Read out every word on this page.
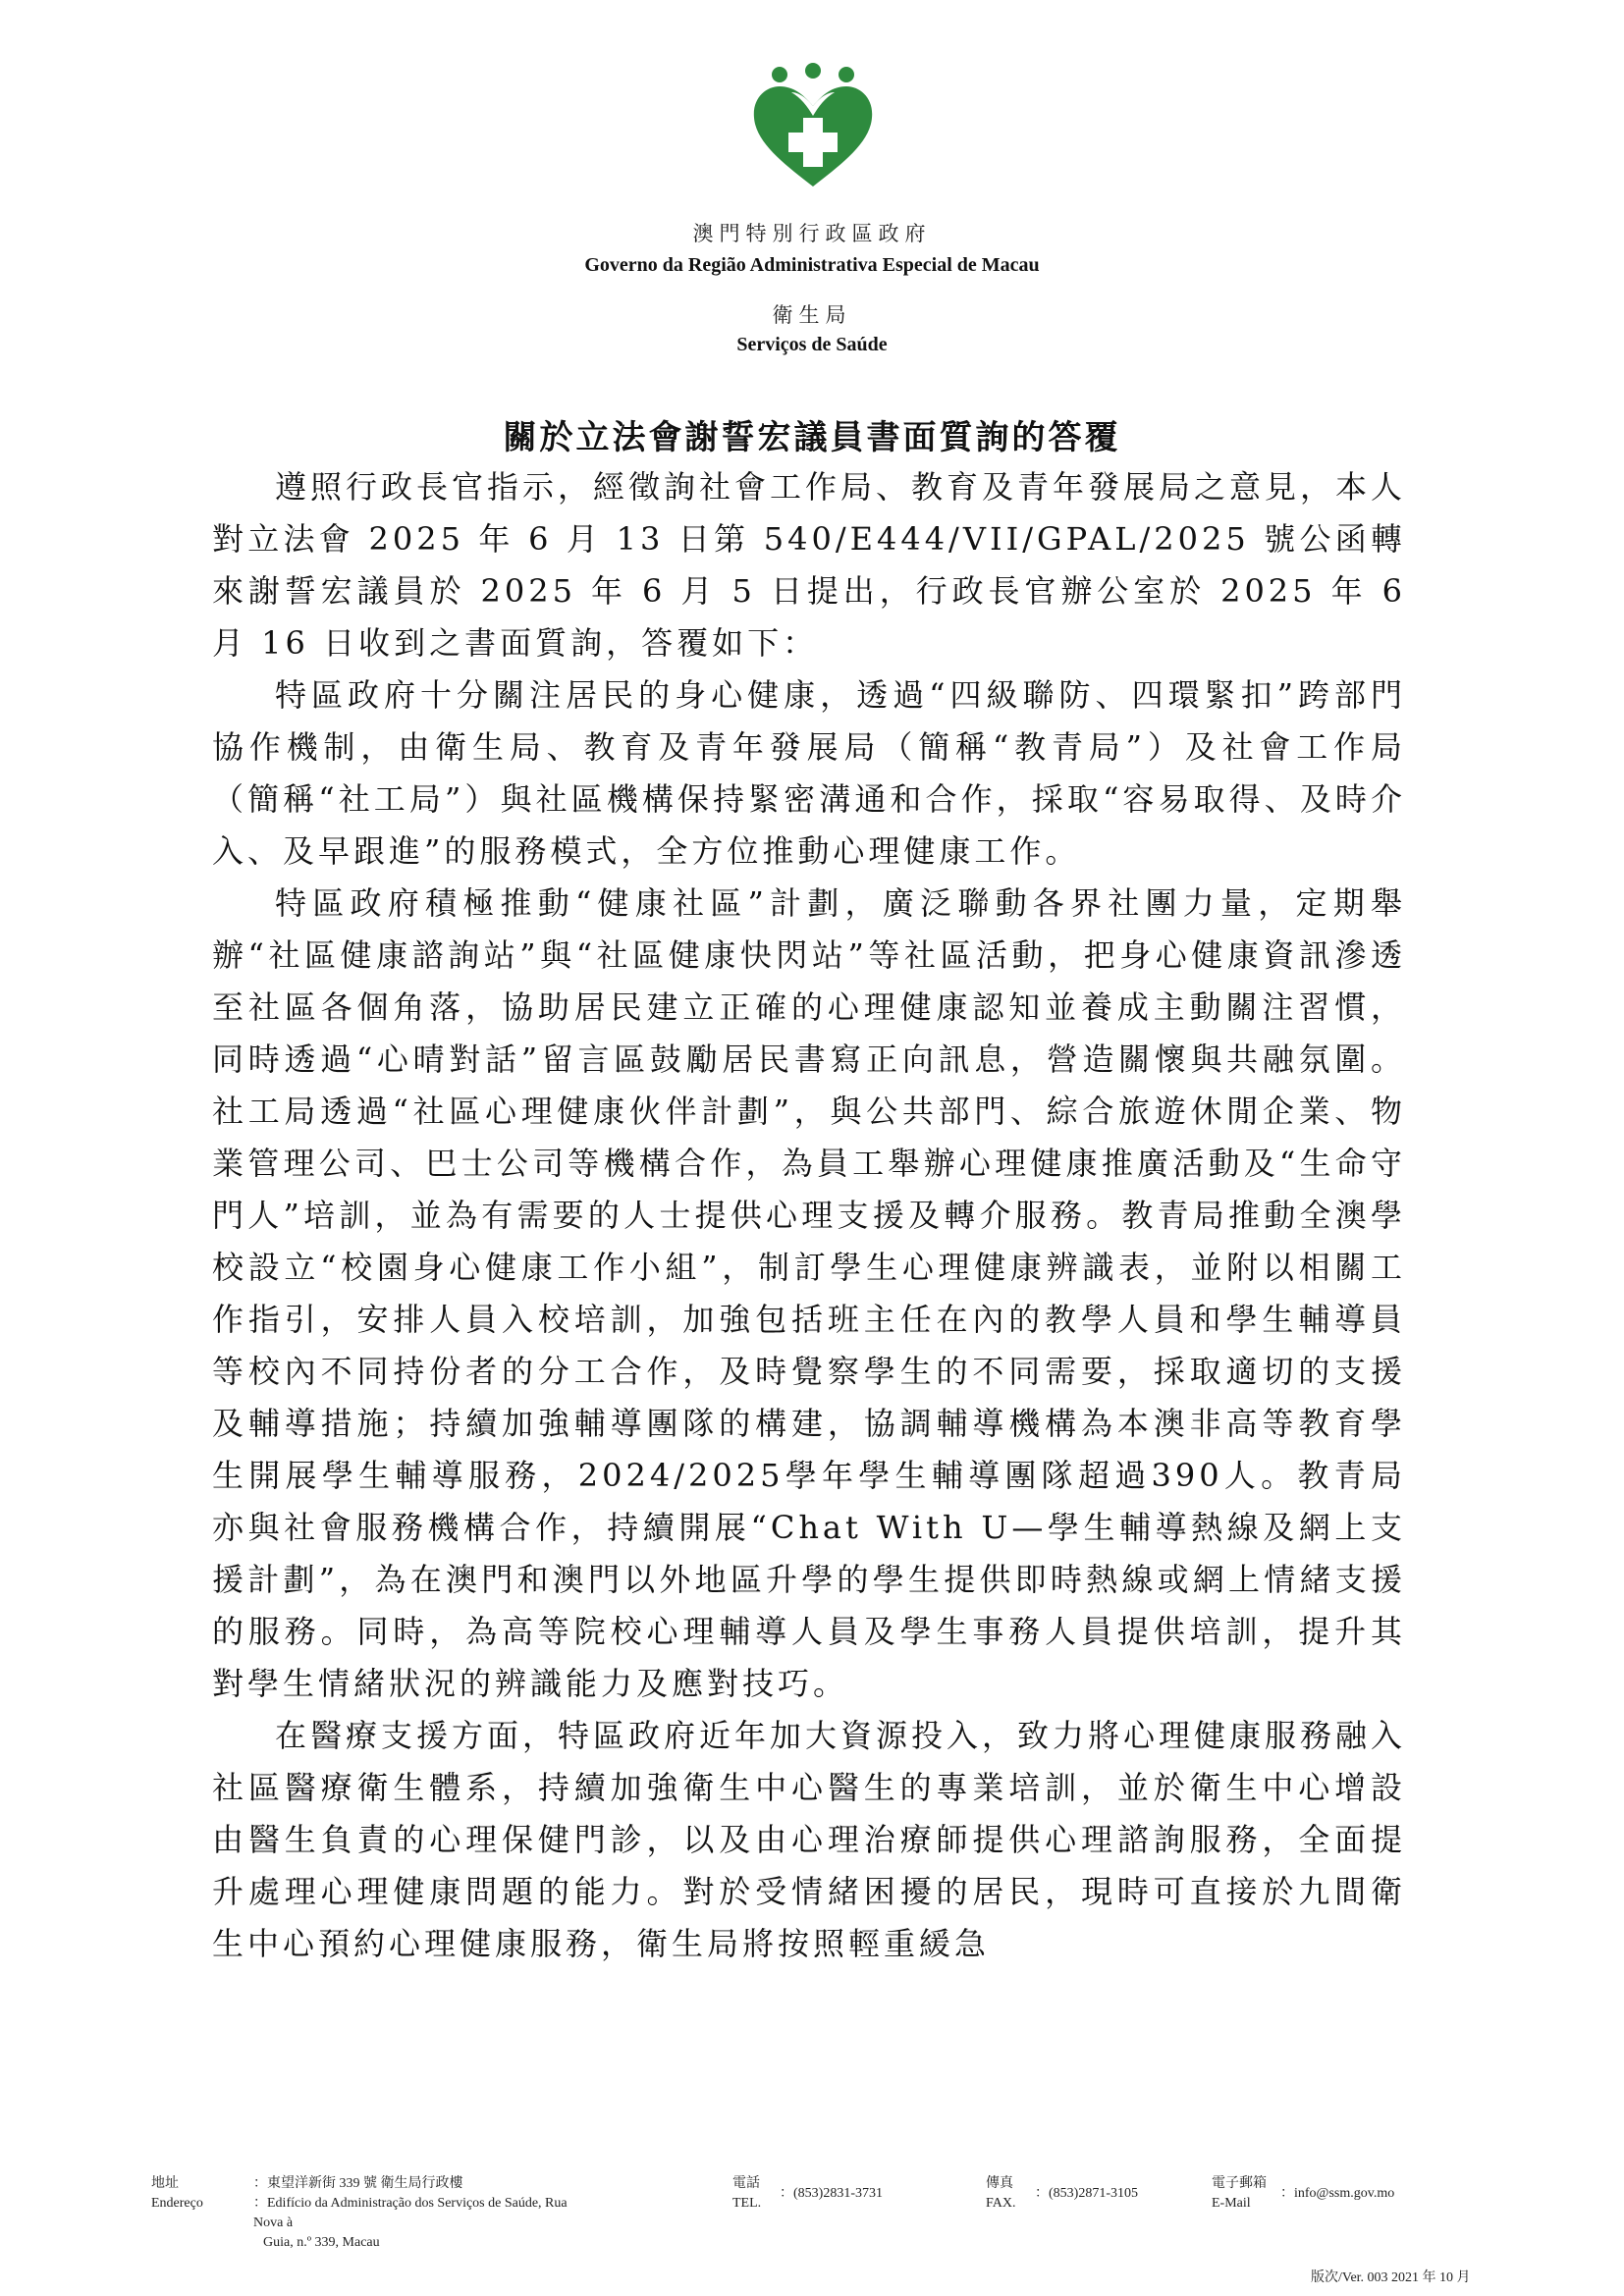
澳門特別行政區政府
Governo da Região Administrativa Especial de Macau
衛生局
Serviços de Saúde
關於立法會謝誓宏議員書面質詢的答覆

遵照行政長官指示，經徵詢社會工作局、教育及青年發展局之意見，本人對立法會 2025 年 6 月 13 日第 540/E444/VII/GPAL/2025 號公函轉來謝誓宏議員於 2025 年 6 月 5 日提出，行政長官辦公室於 2025 年 6 月 16 日收到之書面質詢，答覆如下：

特區政府十分關注居民的身心健康，透過“四級聯防、四環緊扣”跨部門協作機制，由衛生局、教育及青年發展局（簡稱“教青局”）及社會工作局（簡稱“社工局”）與社區機構保持緊密溝通和合作，採取“容易取得、及時介入、及早跟進”的服務模式，全方位推動心理健康工作。

特區政府積極推動“健康社區”計劃，廣泛聯動各界社團力量，定期舉辦“社區健康諮詢站”與“社區健康快閃站”等社區活動，把身心健康資訊滲透至社區各個角落，協助居民建立正確的心理健康認知並養成主動關注習慣，同時透過“心晴對話”留言區鼓勵居民書寫正向訊息，營造關懷與共融氛圍。社工局透過“社區心理健康伙伴計劃”，與公共部門、綜合旅遊休閒企業、物業管理公司、巴士公司等機構合作，為員工舉辦心理健康推廣活動及“生命守門人”培訓，並為有需要的人士提供心理支援及轉介服務。教青局推動全澳學校設立“校園身心健康工作小組”，制訂學生心理健康辨識表，並附以相關工作指引，安排人員入校培訓，加強包括班主任在內的教學人員和學生輔導員等校內不同持份者的分工合作，及時覺察學生的不同需要，採取適切的支援及輔導措施；持續加強輔導團隊的構建，協調輔導機構為本澳非高等教育學生開展學生輔導服務，2024/2025學年學生輔導團隊超過390人。教青局亦與社會服務機構合作，持續開展“Chat With U—學生輔導熱線及網上支援計劃”，為在澳門和澳門以外地區升學的學生提供即時熱線或網上情緒支援的服務。同時，為高等院校心理輔導人員及學生事務人員提供培訓，提升其對學生情緒狀況的辨識能力及應對技巧。

在醫療支援方面，特區政府近年加大資源投入，致力將心理健康服務融入社區醫療衛生體系，持續加強衛生中心醫生的專業培訓，並於衛生中心增設由醫生負責的心理保健門診，以及由心理治療師提供心理諮詢服務，全面提升處理心理健康問題的能力。對於受情緒困擾的居民，現時可直接於九間衛生中心預約心理健康服務，衛生局將按照輕重緩急

地址
Endereço
：東望洋新街 339 號 衛生局行政樓
：Edifício da Administração dos Serviços de Saúde, Rua Nova à
Guia, n.º 339, Macau
電話
TEL.
：(853)2831-3731
傳真
FAX.
：(853)2871-3105
電子郵箱
E-Mail
：info@ssm.gov.mo
版次/Ver. 003 2021 年 10 月
